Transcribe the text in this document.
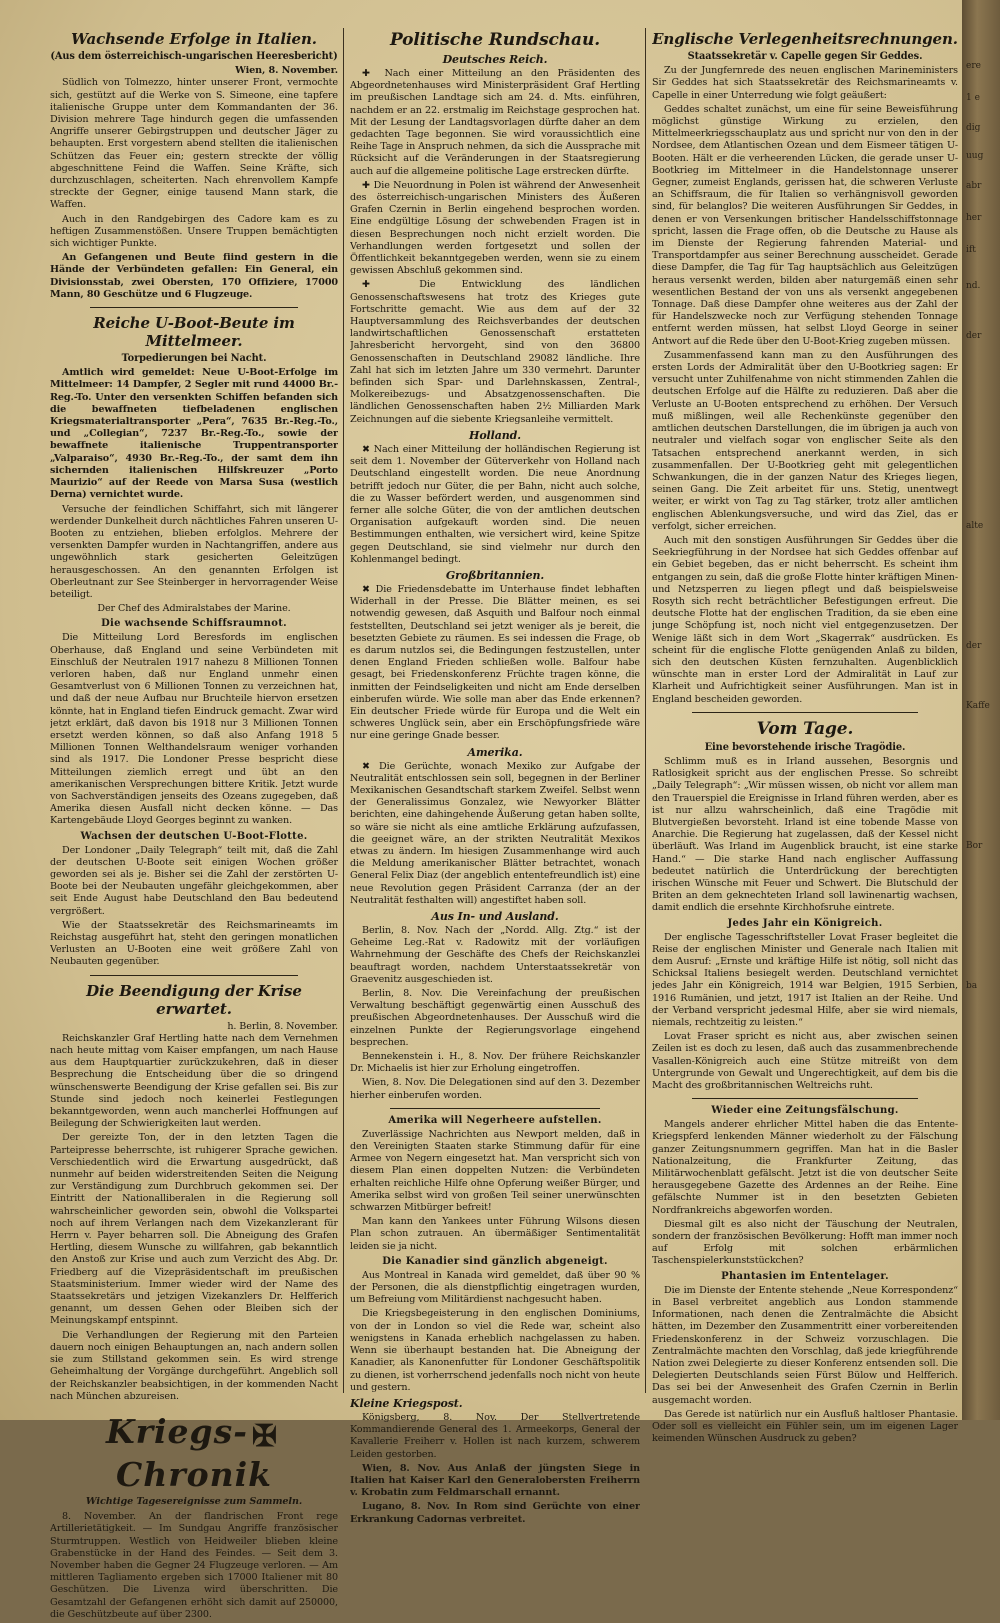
ere
1 e
dig
uug
abr
her
ift
nd.
der
alte
der
Kaffe
Bor
ba
Wachsende Erfolge in Italien.
(Aus dem österreichisch-ungarischen Heeresbericht)
Wien, 8. November.

Südlich von Tolmezzo, hinter unserer Front, vermochte sich, gestützt auf die Werke von S. Simeone, eine tapfere italienische Gruppe unter dem Kommandanten der 36. Division mehrere Tage hindurch gegen die umfassenden Angriffe unserer Gebirgstruppen und deutscher Jäger zu behaupten. Erst vorgestern abend stellten die italienischen Schützen das Feuer ein; gestern streckte der völlig abgeschnittene Feind die Waffen. Seine Kräfte, sich durchzuschlagen, scheiterten. Nach ehrenvollem Kampfe streckte der Gegner, einige tausend Mann stark, die Waffen.

Auch in den Randgebirgen des Cadore kam es zu heftigen Zusammenstößen. Unsere Truppen bemächtigten sich wichtiger Punkte.

An Gefangenen und Beute fiind gestern in die Hände der Verbündeten gefallen: Ein General, ein Divisionsstab, zwei Obersten, 170 Offiziere, 17000 Mann, 80 Geschütze und 6 Flugzeuge.

Reiche U-Boot-Beute im Mittelmeer.
Torpedierungen bei Nacht.

Amtlich wird gemeldet: Neue U-Boot-Erfolge im Mittelmeer: 14 Dampfer, 2 Segler mit rund 44000 Br.-Reg.-To. Unter den versenkten Schiffen befanden sich die bewaffneten tiefbeladenen englischen Kriegsmaterialtransporter „Pera“, 7635 Br.-Reg.-To., und „Collegian“, 7237 Br.-Reg.-To., sowie der bewaffnete italienische Truppentransporter „Valparaiso“, 4930 Br.-Reg.-To., der samt dem ihn sichernden italienischen Hilfskreuzer „Porto Maurizio“ auf der Reede von Marsa Susa (westlich Derna) vernichtet wurde.

Versuche der feindlichen Schiffahrt, sich mit längerer werdender Dunkelheit durch nächtliches Fahren unseren U-Booten zu entziehen, blieben erfolglos. Mehrere der versenkten Dampfer wurden in Nachtangriffen, andere aus ungewöhnlich stark gesicherten Geleitzügen herausgeschossen. An den genannten Erfolgen ist Oberleutnant zur See Steinberger in hervorragender Weise beteiligt.

Der Chef des Admiralstabes der Marine.
Die wachsende Schiffsraumnot.

Die Mitteilung Lord Beresfords im englischen Oberhause, daß England und seine Verbündeten mit Einschluß der Neutralen 1917 nahezu 8 Millionen Tonnen verloren haben, daß nur England unmehr einen Gesamtverlust von 6 Millionen Tonnen zu verzeichnen hat, und daß der neue Aufbau nur Bruchteile hiervon ersetzen könnte, hat in England tiefen Eindruck gemacht. Zwar wird jetzt erklärt, daß davon bis 1918 nur 3 Millionen Tonnen ersetzt werden können, so daß also Anfang 1918 5 Millionen Tonnen Welthandelsraum weniger vorhanden sind als 1917. Die Londoner Presse bespricht diese Mitteilungen ziemlich erregt und übt an den amerikanischen Versprechungen bittere Kritik. Jetzt wurde von Sachverständigen jenseits des Ozeans zugegeben, daß Amerika diesen Ausfall nicht decken könne. — Das Kartengebäude Lloyd Georges beginnt zu wanken.

Wachsen der deutschen U-Boot-Flotte.

Der Londoner „Daily Telegraph“ teilt mit, daß die Zahl der deutschen U-Boote seit einigen Wochen größer geworden sei als je. Bisher sei die Zahl der zerstörten U-Boote bei der Neubauten ungefähr gleichgekommen, aber seit Ende August habe Deutschland den Bau bedeutend vergrößert.

Wie der Staatssekretär des Reichsmarineamts im Reichstag ausgeführt hat, steht den geringen monatlichen Verlusten an U-Booten eine weit größere Zahl von Neubauten gegenüber.

Die Beendigung der Krise erwartet.
h. Berlin, 8. November.

Reichskanzler Graf Hertling hatte nach dem Vernehmen nach heute mittag vom Kaiser empfangen, um nach Hause aus dem Hauptquartier zurückzukehren, daß in dieser Besprechung die Entscheidung über die so dringend wünschenswerte Beendigung der Krise gefallen sei. Bis zur Stunde sind jedoch noch keinerlei Festlegungen bekanntgeworden, wenn auch mancherlei Hoffnungen auf Beilegung der Schwierigkeiten laut werden.

Der gereizte Ton, der in den letzten Tagen die Parteipresse beherrschte, ist ruhigerer Sprache gewichen. Verschiedentlich wird die Erwartung ausgedrückt, daß nunmehr auf beiden widerstreitenden Seiten die Neigung zur Verständigung zum Durchbruch gekommen sei. Der Eintritt der Nationalliberalen in die Regierung soll wahrscheinlicher geworden sein, obwohl die Volkspartei noch auf ihrem Verlangen nach dem Vizekanzlerant für Herrn v. Payer beharren soll. Die Abneigung des Grafen Hertling, diesem Wunsche zu willfahren, gab bekanntlich den Anstoß zur Krise und auch zum Verzicht des Abg. Dr. Friedberg auf die Vizepräsidentschaft im preußischen Staatsministerium. Immer wieder wird der Name des Staatssekretärs und jetzigen Vizekanzlers Dr. Helfferich genannt, um dessen Gehen oder Bleiben sich der Meinungskampf entspinnt.

Die Verhandlungen der Regierung mit den Parteien dauern noch einigen Behauptungen an, nach andern sollen sie zum Stillstand gekommen sein. Es wird strenge Geheimhaltung der Vorgänge durchgeführt. Angeblich soll der Reichskanzler beabsichtigen, in der kommenden Nacht nach München abzureisen.

Kriegs- ✠Chronik
Wichtige Tagesereignisse zum Sammeln.

8. November. An der flandrischen Front rege Artillerietätigkeit. — Im Sundgau Angriffe französischer Sturmtruppen. Westlich von Heidweiler blieben kleine Grabenstücke in der Hand des Feindes. — Seit dem 3. November haben die Gegner 24 Flugzeuge verloren. — Am mittleren Tagliamento ergeben sich 17000 Italiener mit 80 Geschützen. Die Livenza wird überschritten. Die Gesamtzahl der Gefangenen erhöht sich damit auf 250000, die Geschützbeute auf über 2300.

Politische Rundschau.
Deutsches Reich.

✚ Nach einer Mitteilung an den Präsidenten des Abgeordnetenhauses wird Ministerpräsident Graf Hertling im preußischen Landtage sich am 24. d. Mts. einführen, nachdem er an 22. erstmalig im Reichstage gesprochen hat. Mit der Lesung der Landtagsvorlagen dürfte daher an dem gedachten Tage begonnen. Sie wird voraussichtlich eine Reihe Tage in Anspruch nehmen, da sich die Aussprache mit Rücksicht auf die Veränderungen in der Staatsregierung auch auf die allgemeine politische Lage erstrecken dürfte.

✚ Die Neuordnung in Polen ist während der Anwesenheit des österreichisch-ungarischen Ministers des Äußeren Grafen Czernin in Berlin eingehend besprochen worden. Eine endgültige Lösung der schwebenden Fragen ist in diesen Besprechungen noch nicht erzielt worden. Die Verhandlungen werden fortgesetzt und sollen der Öffentlichkeit bekanntgegeben werden, wenn sie zu einem gewissen Abschluß gekommen sind.

✚ Die Entwicklung des ländlichen Genossenschaftswesens hat trotz des Krieges gute Fortschritte gemacht. Wie aus dem auf der 32 Hauptversammlung des Reichsverbandes der deutschen landwirtschaftlichen Genossenschaft erstatteten Jahresbericht hervorgeht, sind von den 36800 Genossenschaften in Deutschland 29082 ländliche. Ihre Zahl hat sich im letzten Jahre um 330 vermehrt. Darunter befinden sich Spar- und Darlehnskassen, Zentral-, Molkereibezugs- und Absatzgenossenschaften. Die ländlichen Genossenschaften haben 2½ Milliarden Mark Zeichnungen auf die siebente Kriegsanleihe vermittelt.

Holland.

✖ Nach einer Mitteilung der holländischen Regierung ist seit dem 1. November der Güterverkehr von Holland nach Deutschland eingestellt worden. Die neue Anordnung betrifft jedoch nur Güter, die per Bahn, nicht auch solche, die zu Wasser befördert werden, und ausgenommen sind ferner alle solche Güter, die von der amtlichen deutschen Organisation aufgekauft worden sind. Die neuen Bestimmungen enthalten, wie versichert wird, keine Spitze gegen Deutschland, sie sind vielmehr nur durch den Kohlenmangel bedingt.

Großbritannien.

✖ Die Friedensdebatte im Unterhause findet lebhaften Widerhall in der Presse. Die Blätter meinen, es sei notwendig gewesen, daß Asquith und Balfour noch einmal feststellten, Deutschland sei jetzt weniger als je bereit, die besetzten Gebiete zu räumen. Es sei indessen die Frage, ob es darum nutzlos sei, die Bedingungen festzustellen, unter denen England Frieden schließen wolle. Balfour habe gesagt, bei Friedenskonferenz Früchte tragen könne, die inmitten der Feindseligkeiten und nicht am Ende derselben einberufen würde. Wie solle man aber das Ende erkennen? Ein deutscher Friede würde für Europa und die Welt ein schweres Unglück sein, aber ein Erschöpfungsfriede wäre nur eine geringe Gnade besser.

Amerika.

✖ Die Gerüchte, wonach Mexiko zur Aufgabe der Neutralität entschlossen sein soll, begegnen in der Berliner Mexikanischen Gesandtschaft starkem Zweifel. Selbst wenn der Generalissimus Gonzalez, wie Newyorker Blätter berichten, eine dahingehende Äußerung getan haben sollte, so wäre sie nicht als eine amtliche Erklärung aufzufassen, die geeignet wäre, an der strikten Neutralität Mexikos etwas zu ändern. Im hiesigen Zusammenhange wird auch die Meldung amerikanischer Blätter betrachtet, wonach General Felix Diaz (der angeblich ententefreundlich ist) eine neue Revolution gegen Präsident Carranza (der an der Neutralität festhalten will) angestiftet haben soll.

Aus In- und Ausland.

Berlin, 8. Nov. Nach der „Nordd. Allg. Ztg.“ ist der Geheime Leg.-Rat v. Radowitz mit der vorläufigen Wahrnehmung der Geschäfte des Chefs der Reichskanzlei beauftragt worden, nachdem Unterstaatssekretär von Graevenitz ausgeschieden ist.

Berlin, 8. Nov. Die Vereinfachung der preußischen Verwaltung beschäftigt gegenwärtig einen Ausschuß des preußischen Abgeordnetenhauses. Der Ausschuß wird die einzelnen Punkte der Regierungsvorlage eingehend besprechen.

Bennekenstein i. H., 8. Nov. Der frühere Reichskanzler Dr. Michaelis ist hier zur Erholung eingetroffen.

Wien, 8. Nov. Die Delegationen sind auf den 3. Dezember hierher einberufen worden.

Amerika will Negerheere aufstellen.

Zuverlässige Nachrichten aus Newport melden, daß in den Vereinigten Staaten starke Stimmung dafür für eine Armee von Negern eingesetzt hat. Man verspricht sich von diesem Plan einen doppelten Nutzen: die Verbündeten erhalten reichliche Hilfe ohne Opferung weißer Bürger, und Amerika selbst wird von großen Teil seiner unerwünschten schwarzen Mitbürger befreit!

Man kann den Yankees unter Führung Wilsons diesen Plan schon zutrauen. An übermäßiger Sentimentalität leiden sie ja nicht.

Die Kanadier sind gänzlich abgeneigt.

Aus Montreal in Kanada wird gemeldet, daß über 90 % der Personen, die als dienstpflichtig eingetragen wurden, um Befreiung vom Militärdienst nachgesucht haben.

Die Kriegsbegeisterung in den englischen Dominiums, von der in London so viel die Rede war, scheint also wenigstens in Kanada erheblich nachgelassen zu haben. Wenn sie überhaupt bestanden hat. Die Abneigung der Kanadier, als Kanonenfutter für Londoner Geschäftspolitik zu dienen, ist vorherrschend jedenfalls noch nicht von heute und gestern.

Kleine Kriegspost.

Königsberg, 8. Nov. Der Stellvertretende Kommandierende General des 1. Armeekorps, General der Kavallerie Freiherr v. Hollen ist nach kurzem, schwerem Leiden gestorben.

Wien, 8. Nov. Aus Anlaß der jüngsten Siege in Italien hat Kaiser Karl den Generalobersten Freiherrn v. Krobatin zum Feldmarschall ernannt.

Lugano, 8. Nov. In Rom sind Gerüchte von einer Erkrankung Cadornas verbreitet.

Englische Verlegenheitsrechnungen.
Staatssekretär v. Capelle gegen Sir Geddes.

Zu der Jungfernrede des neuen englischen Marineministers Sir Geddes hat sich Staatssekretär des Reichsmarineamts v. Capelle in einer Unterredung wie folgt geäußert:

Geddes schaltet zunächst, um eine für seine Beweisführung möglichst günstige Wirkung zu erzielen, den Mittelmeerkriegsschauplatz aus und spricht nur von den in der Nordsee, dem Atlantischen Ozean und dem Eismeer tätigen U-Booten. Hält er die verheerenden Lücken, die gerade unser U-Bootkrieg im Mittelmeer in die Handelstonnage unserer Gegner, zumeist Englands, gerissen hat, die schweren Verluste an Schiffsraum, die für Italien so verhängnisvoll geworden sind, für belanglos? Die weiteren Ausführungen Sir Geddes, in denen er von Versenkungen britischer Handelsschiffstonnage spricht, lassen die Frage offen, ob die Deutsche zu Hause als im Dienste der Regierung fahrenden Material- und Transportdampfer aus seiner Berechnung ausscheidet. Gerade diese Dampfer, die Tag für Tag hauptsächlich aus Geleitzügen heraus versenkt werden, bilden aber naturgemäß einen sehr wesentlichen Bestand der von uns als versenkt angegebenen Tonnage. Daß diese Dampfer ohne weiteres aus der Zahl der für Handelszwecke noch zur Verfügung stehenden Tonnage entfernt werden müssen, hat selbst Lloyd George in seiner Antwort auf die Rede über den U-Boot-Krieg zugeben müssen.

Zusammenfassend kann man zu den Ausführungen des ersten Lords der Admiralität über den U-Bootkrieg sagen: Er versucht unter Zuhilfenahme von nicht stimmenden Zahlen die deutschen Erfolge auf die Hälfte zu reduzieren. Daß aber die Verluste an U-Booten entsprechend zu erhöhen. Der Versuch muß mißlingen, weil alle Rechenkünste gegenüber den amtlichen deutschen Darstellungen, die im übrigen ja auch von neutraler und vielfach sogar von englischer Seite als den Tatsachen entsprechend anerkannt werden, in sich zusammenfallen. Der U-Bootkrieg geht mit gelegentlichen Schwankungen, die in der ganzen Natur des Krieges liegen, seinen Gang. Die Zeit arbeitet für uns. Stetig, unentwegt weiter, er wirkt von Tag zu Tag stärker, trotz aller amtlichen englischen Ablenkungsversuche, und wird das Ziel, das er verfolgt, sicher erreichen.

Auch mit den sonstigen Ausführungen Sir Geddes über die Seekriegführung in der Nordsee hat sich Geddes offenbar auf ein Gebiet begeben, das er nicht beherrscht. Es scheint ihm entgangen zu sein, daß die große Flotte hinter kräftigen Minen- und Netzsperren zu liegen pflegt und daß beispielsweise Rosyth sich recht beträchtlicher Befestigungen erfreut. Die deutsche Flotte hat der englischen Tradition, da sie eben eine junge Schöpfung ist, noch nicht viel entgegenzusetzen. Der Wenige läßt sich in dem Wort „Skagerrak“ ausdrücken. Es scheint für die englische Flotte genügenden Anlaß zu bilden, sich den deutschen Küsten fernzuhalten. Augenblicklich wünschte man in erster Lord der Admiralität in Lauf zur Klarheit und Aufrichtigkeit seiner Ausführungen. Man ist in England bescheiden geworden.

Vom Tage.
Eine bevorstehende irische Tragödie.

Schlimm muß es in Irland aussehen, Besorgnis und Ratlosigkeit spricht aus der englischen Presse. So schreibt „Daily Telegraph“: „Wir müssen wissen, ob nicht vor allem man den Trauerspiel die Ereignisse in Irland führen werden, aber es ist nur allzu wahrscheinlich, daß eine Tragödie mit Blutvergießen bevorsteht. Irland ist eine tobende Masse von Anarchie. Die Regierung hat zugelassen, daß der Kessel nicht überläuft. Was Irland im Augenblick braucht, ist eine starke Hand.“ — Die starke Hand nach englischer Auffassung bedeutet natürlich die Unterdrückung der berechtigten irischen Wünsche mit Feuer und Schwert. Die Blutschuld der Briten an dem geknechteten Irland soll lawinenartig wachsen, damit endlich die ersehnte Kirchhofsruhe eintrete.

Jedes Jahr ein Königreich.

Der englische Tagesschriftsteller Lovat Fraser begleitet die Reise der englischen Minister und Generale nach Italien mit dem Ausruf: „Ernste und kräftige Hilfe ist nötig, soll nicht das Schicksal Italiens besiegelt werden. Deutschland vernichtet jedes Jahr ein Königreich, 1914 war Belgien, 1915 Serbien, 1916 Rumänien, und jetzt, 1917 ist Italien an der Reihe. Und der Verband verspricht jedesmal Hilfe, aber sie wird niemals, niemals, rechtzeitig zu leisten.“

Lovat Fraser spricht es nicht aus, aber zwischen seinen Zeilen ist es doch zu lesen, daß auch das zusammenbrechende Vasallen-Königreich auch eine Stütze mitreißt von dem Untergrunde von Gewalt und Ungerechtigkeit, auf dem bis die Macht des großbritannischen Weltreichs ruht.

Wieder eine Zeitungsfälschung.

Mangels anderer ehrlicher Mittel haben die das Entente-Kriegspferd lenkenden Männer wiederholt zu der Fälschung ganzer Zeitungsnummern gegriffen. Man hat in die Basler Nationalzeitung, die Frankfurter Zeitung, das Militärwochenblatt gefälscht. Jetzt ist die von deutscher Seite herausgegebene Gazette des Ardennes an der Reihe. Eine gefälschte Nummer ist in den besetzten Gebieten Nordfrankreichs abgeworfen worden.

Diesmal gilt es also nicht der Täuschung der Neutralen, sondern der französischen Bevölkerung: Hofft man immer noch auf Erfolg mit solchen erbärmlichen Taschenspielerkunststückchen?

Phantasien im Ententelager.

Die im Dienste der Entente stehende „Neue Korrespondenz“ in Basel verbreitet angeblich aus London stammende Informationen, nach denen die Zentralmächte die Absicht hätten, im Dezember den Zusammentritt einer vorbereitenden Friedenskonferenz in der Schweiz vorzuschlagen. Die Zentralmächte machten den Vorschlag, daß jede kriegführende Nation zwei Delegierte zu dieser Konferenz entsenden soll. Die Delegierten Deutschlands seien Fürst Bülow und Helfferich. Das sei bei der Anwesenheit des Grafen Czernin in Berlin ausgemacht worden.

Das Gerede ist natürlich nur ein Ausfluß haltloser Phantasie. Oder soll es vielleicht ein Fühler sein, um im eigenen Lager keimenden Wünschen Ausdruck zu geben?
